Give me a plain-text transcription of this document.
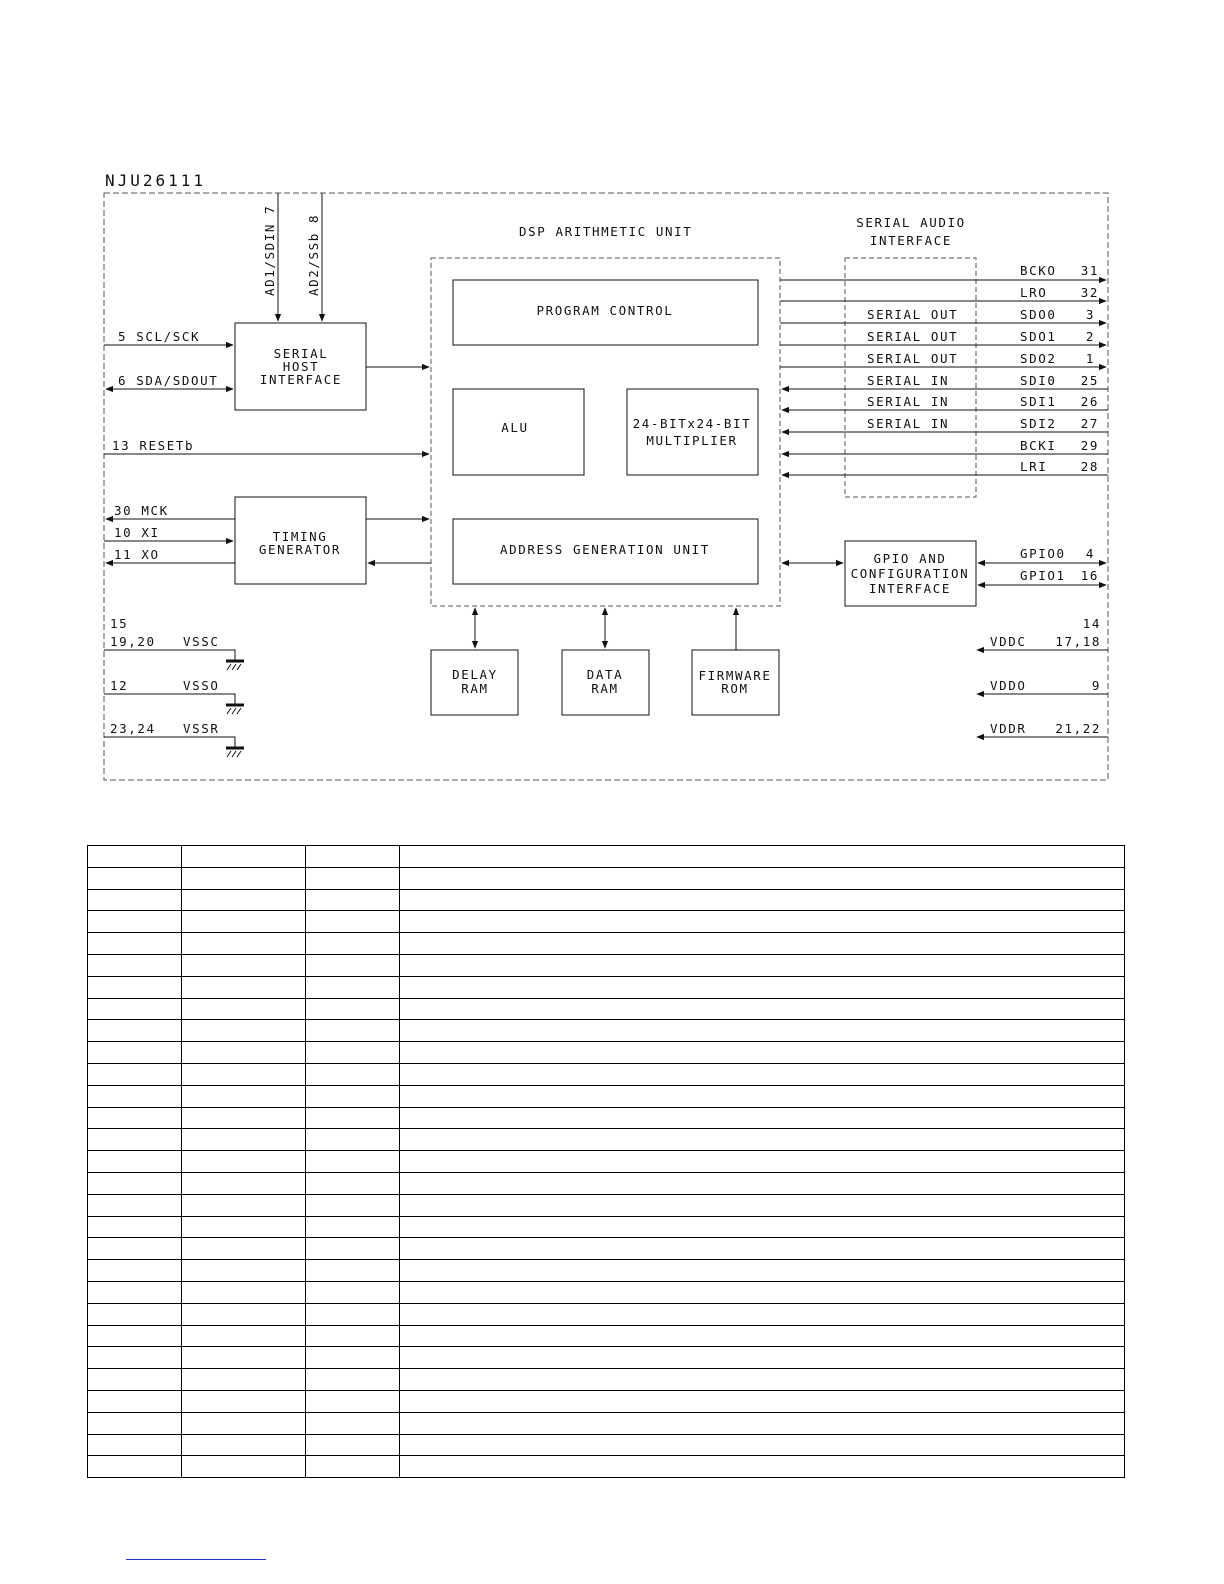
NJU26111
DSP ARITHMETIC UNIT
PROGRAM CONTROL
ALU	24-BITx24-BIT
MULTIPLIER
ADDRESS GENERATION UNIT
SERIAL AUDIO
INTERFACE
SERIAL
HOST
INTERFACE
TIMING
GENERATOR
GPIO AND
CONFIGURATION
INTERFACE
DELAY
RAM
DATA
RAM
FIRMWARE
ROM
AD1/SDIN 7 AD2/SSb 8
5 SCL/SCK
6 SDA/SDOUT
13 RESETb
30 MCK
10 XI
11 XO
BCKO 31
LRO	32
SERIAL OUT	SDO0 3
SERIAL OUT	SDO1 2
SERIAL OUT	SDO2 1
SERIAL IN	SDI0 25
SERIAL IN	SDI1 26
SERIAL IN	SDI2 27
BCKI 29
LRI	28
GPIO0 4
GPIO1 16
15
19,20 VSSC
12	VSSO
23,24 VSSR
14
VDDC 17,18
VDDO	9
VDDR 21,22
